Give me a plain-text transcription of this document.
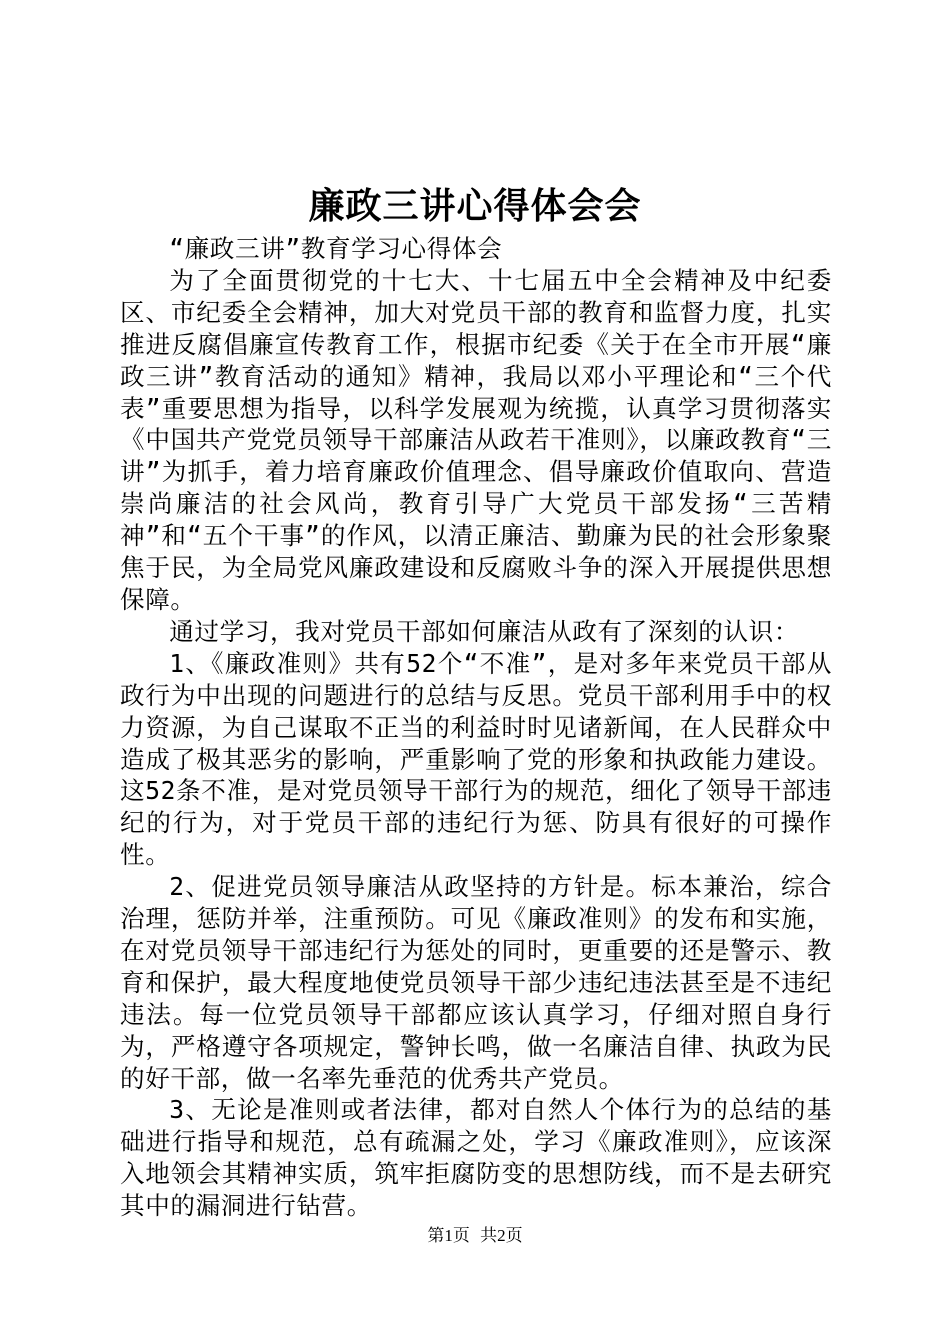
廉政三讲心得体会会

“廉政三讲”教育学习心得体会

为了全面贯彻党的十七大、十七届五中全会精神及中纪委区、市纪委全会精神，加大对党员干部的教育和监督力度，扎实推进反腐倡廉宣传教育工作，根据市纪委《关于在全市开展“廉政三讲”教育活动的通知》精神，我局以邓小平理论和“三个代表”重要思想为指导，以科学发展观为统揽，认真学习贯彻落实《中国共产党党员领导干部廉洁从政若干准则》，以廉政教育“三讲”为抓手，着力培育廉政价值理念、倡导廉政价值取向、营造崇尚廉洁的社会风尚，教育引导广大党员干部发扬“三苦精神”和“五个干事”的作风，以清正廉洁、勤廉为民的社会形象聚焦于民，为全局党风廉政建设和反腐败斗争的深入开展提供思想保障。

通过学习，我对党员干部如何廉洁从政有了深刻的认识：

1、《廉政准则》共有52个“不准”，是对多年来党员干部从政行为中出现的问题进行的总结与反思。党员干部利用手中的权力资源，为自己谋取不正当的利益时时见诸新闻，在人民群众中造成了极其恶劣的影响，严重影响了党的形象和执政能力建设。这52条不准，是对党员领导干部行为的规范，细化了领导干部违纪的行为，对于党员干部的违纪行为惩、防具有很好的可操作性。

2、促进党员领导廉洁从政坚持的方针是。标本兼治，综合治理，惩防并举，注重预防。可见《廉政准则》的发布和实施，在对党员领导干部违纪行为惩处的同时，更重要的还是警示、教育和保护，最大程度地使党员领导干部少违纪违法甚至是不违纪违法。每一位党员领导干部都应该认真学习，仔细对照自身行为，严格遵守各项规定，警钟长鸣，做一名廉洁自律、执政为民的好干部，做一名率先垂范的优秀共产党员。

3、无论是准则或者法律，都对自然人个体行为的总结的基础进行指导和规范，总有疏漏之处，学习《廉政准则》，应该深入地领会其精神实质，筑牢拒腐防变的思想防线，而不是去研究其中的漏洞进行钻营。

第1页 共2页
